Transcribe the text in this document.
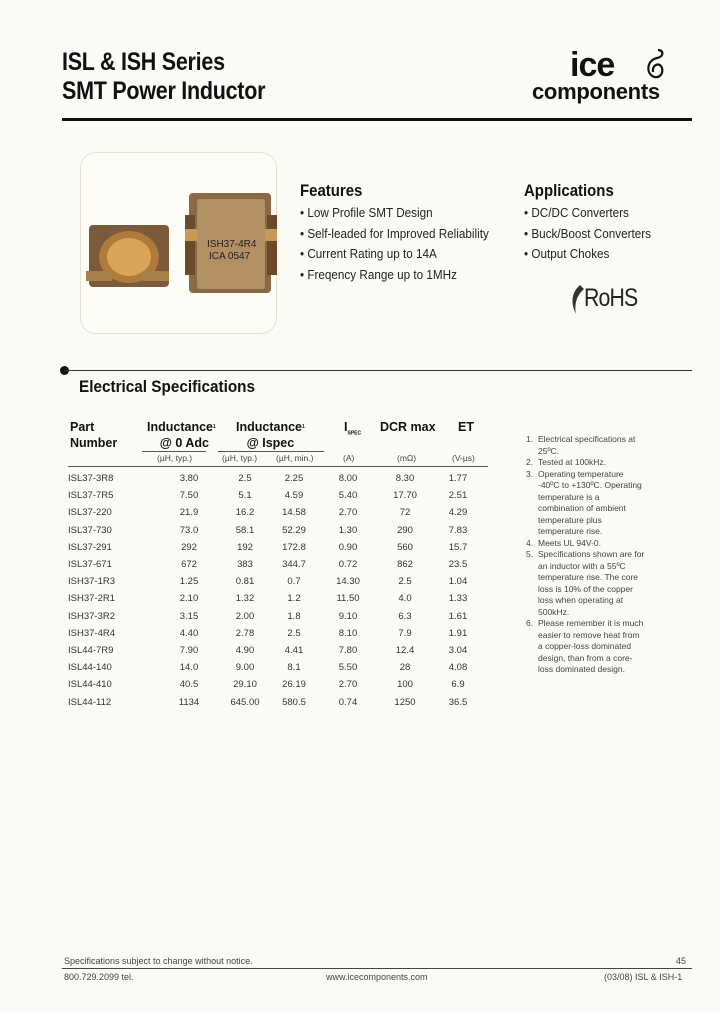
ISL & ISH Series
SMT Power Inductor
ice
components
ISH37-4R4
ICA 0547
Features
• Low Profile SMT Design
• Self-leaded for Improved Reliability
• Current Rating up to 14A
• Freqency Range up to 1MHz
Applications
• DC/DC Converters
• Buck/Boost Converters
• Output Chokes
RoHS
Electrical Specifications
Part
Number
Inductance$^1$
@ 0 Adc
Inductance$^1$
@ Ispec
$I_{SPEC}$ DCR max ET
(µH, typ.)	(µH, typ.) (µH, min.)	(A)	(mΩ)	(V-µs)
ISL37-3R8	3.80	2.5	2.25	8.00	8.30	1.77
ISL37-7R5	7.50	5.1	4.59	5.40	17.70	2.51
ISL37-220	21.9	16.2	14.58	2.70	72	4.29
ISL37-730	73.0	58.1	52.29	1.30	290	7.83
ISL37-291	292	192	172.8	0.90	560	15.7
ISL37-671	672	383	344.7	0.72	862	23.5
ISH37-1R3	1.25	0.81	0.7	14.30	2.5	1.04
ISH37-2R1	2.10	1.32	1.2	11.50	4.0	1.33
ISH37-3R2	3.15	2.00	1.8	9.10	6.3	1.61
ISH37-4R4	4.40	2.78	2.5	8.10	7.9	1.91
ISL44-7R9	7.90	4.90	4.41	7.80	12.4	3.04
ISL44-140	14.0	9.00	8.1	5.50	28	4.08
ISL44-410	40.5	29.10	26.19	2.70	100	6.9
ISL44-112	1134	645.00	580.5	0.74	1250	36.5
1. Electrical specifications at 25ºC.
2. Tested at 100kHz.
3. Operating temperature -40ºC to +130ºC. Operating temperature is a combination of ambient temperature plus temperature rise.
4. Meets UL 94V-0.
5. Specifications shown are for an inductor with a 55ºC temperature rise. The core loss is 10% of the copper loss when operating at 500kHz.
6. Please remember it is much easier to remove heat from a copper-loss dominated design, than from a core-loss dominated design.
Specifications subject to change without notice.	45
800.729.2099 tel.	www.icecomponents.com	(03/08) ISL & ISH-1
